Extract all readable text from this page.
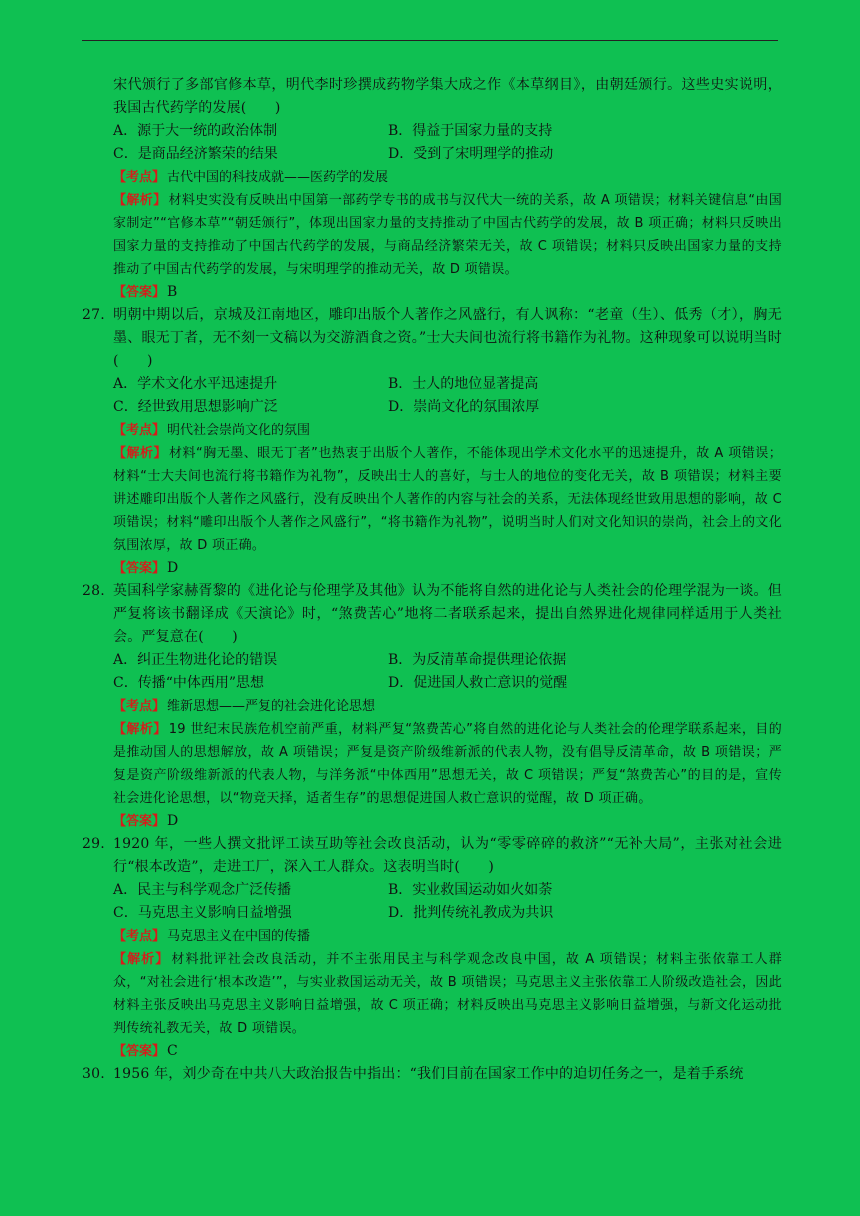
宋代颁行了多部官修本草，明代李时珍撰成药物学集大成之作《本草纲目》，由朝廷颁行。这些史实说明，我国古代药学的发展(　　)

A．源于大一统的政治体制	B．得益于国家力量的支持
C．是商品经济繁荣的结果	D．受到了宋明理学的推动

【考点】 古代中国的科技成就——医药学的发展

【解析】 材料史实没有反映出中国第一部药学专书的成书与汉代大一统的关系，故 A 项错误；材料关键信息“由国家制定”“官修本草”“朝廷颁行”，体现出国家力量的支持推动了中国古代药学的发展，故 B 项正确；材料只反映出国家力量的支持推动了中国古代药学的发展，与商品经济繁荣无关，故 C 项错误；材料只反映出国家力量的支持推动了中国古代药学的发展，与宋明理学的推动无关，故 D 项错误。

【答案】 B

27. 明朝中期以后，京城及江南地区，雕印出版个人著作之风盛行，有人讽称：“老童（生）、低秀（才），胸无墨、眼无丁者，无不刻一文稿以为交游酒食之资。”士大夫间也流行将书籍作为礼物。这种现象可以说明当时(　　)

A．学术文化水平迅速提升	B．士人的地位显著提高
C．经世致用思想影响广泛	D．崇尚文化的氛围浓厚

【考点】 明代社会崇尚文化的氛围

【解析】 材料“胸无墨、眼无丁者”也热衷于出版个人著作，不能体现出学术文化水平的迅速提升，故 A 项错误；材料“士大夫间也流行将书籍作为礼物”，反映出士人的喜好，与士人的地位的变化无关，故 B 项错误；材料主要讲述雕印出版个人著作之风盛行，没有反映出个人著作的内容与社会的关系，无法体现经世致用思想的影响，故 C 项错误；材料“雕印出版个人著作之风盛行”，“将书籍作为礼物”，说明当时人们对文化知识的崇尚，社会上的文化氛围浓厚，故 D 项正确。

【答案】 D

28. 英国科学家赫胥黎的《进化论与伦理学及其他》认为不能将自然的进化论与人类社会的伦理学混为一谈。但严复将该书翻译成《天演论》时，“煞费苦心”地将二者联系起来，提出自然界进化规律同样适用于人类社会。严复意在(　　)

A．纠正生物进化论的错误	B．为反清革命提供理论依据
C．传播“中体西用”思想	D．促进国人救亡意识的觉醒

【考点】 维新思想——严复的社会进化论思想

【解析】 19 世纪末民族危机空前严重，材料严复“煞费苦心”将自然的进化论与人类社会的伦理学联系起来，目的是推动国人的思想解放，故 A 项错误；严复是资产阶级维新派的代表人物，没有倡导反清革命，故 B 项错误；严复是资产阶级维新派的代表人物，与洋务派“中体西用”思想无关，故 C 项错误；严复“煞费苦心”的目的是，宣传社会进化论思想，以“物竞天择，适者生存”的思想促进国人救亡意识的觉醒，故 D 项正确。

【答案】 D

29. 1920 年，一些人撰文批评工读互助等社会改良活动，认为“零零碎碎的救济”“无补大局”，主张对社会进行“根本改造”，走进工厂，深入工人群众。这表明当时(　　)

A．民主与科学观念广泛传播	B．实业救国运动如火如荼
C．马克思主义影响日益增强	D．批判传统礼教成为共识

【考点】 马克思主义在中国的传播

【解析】 材料批评社会改良活动，并不主张用民主与科学观念改良中国，故 A 项错误；材料主张依靠工人群众，“对社会进行‘根本改造’”，与实业救国运动无关，故 B 项错误；马克思主义主张依靠工人阶级改造社会，因此材料主张反映出马克思主义影响日益增强，故 C 项正确；材料反映出马克思主义影响日益增强，与新文化运动批判传统礼教无关，故 D 项错误。

【答案】 C

30. 1956 年，刘少奇在中共八大政治报告中指出：“我们目前在国家工作中的迫切任务之一，是着手系统
